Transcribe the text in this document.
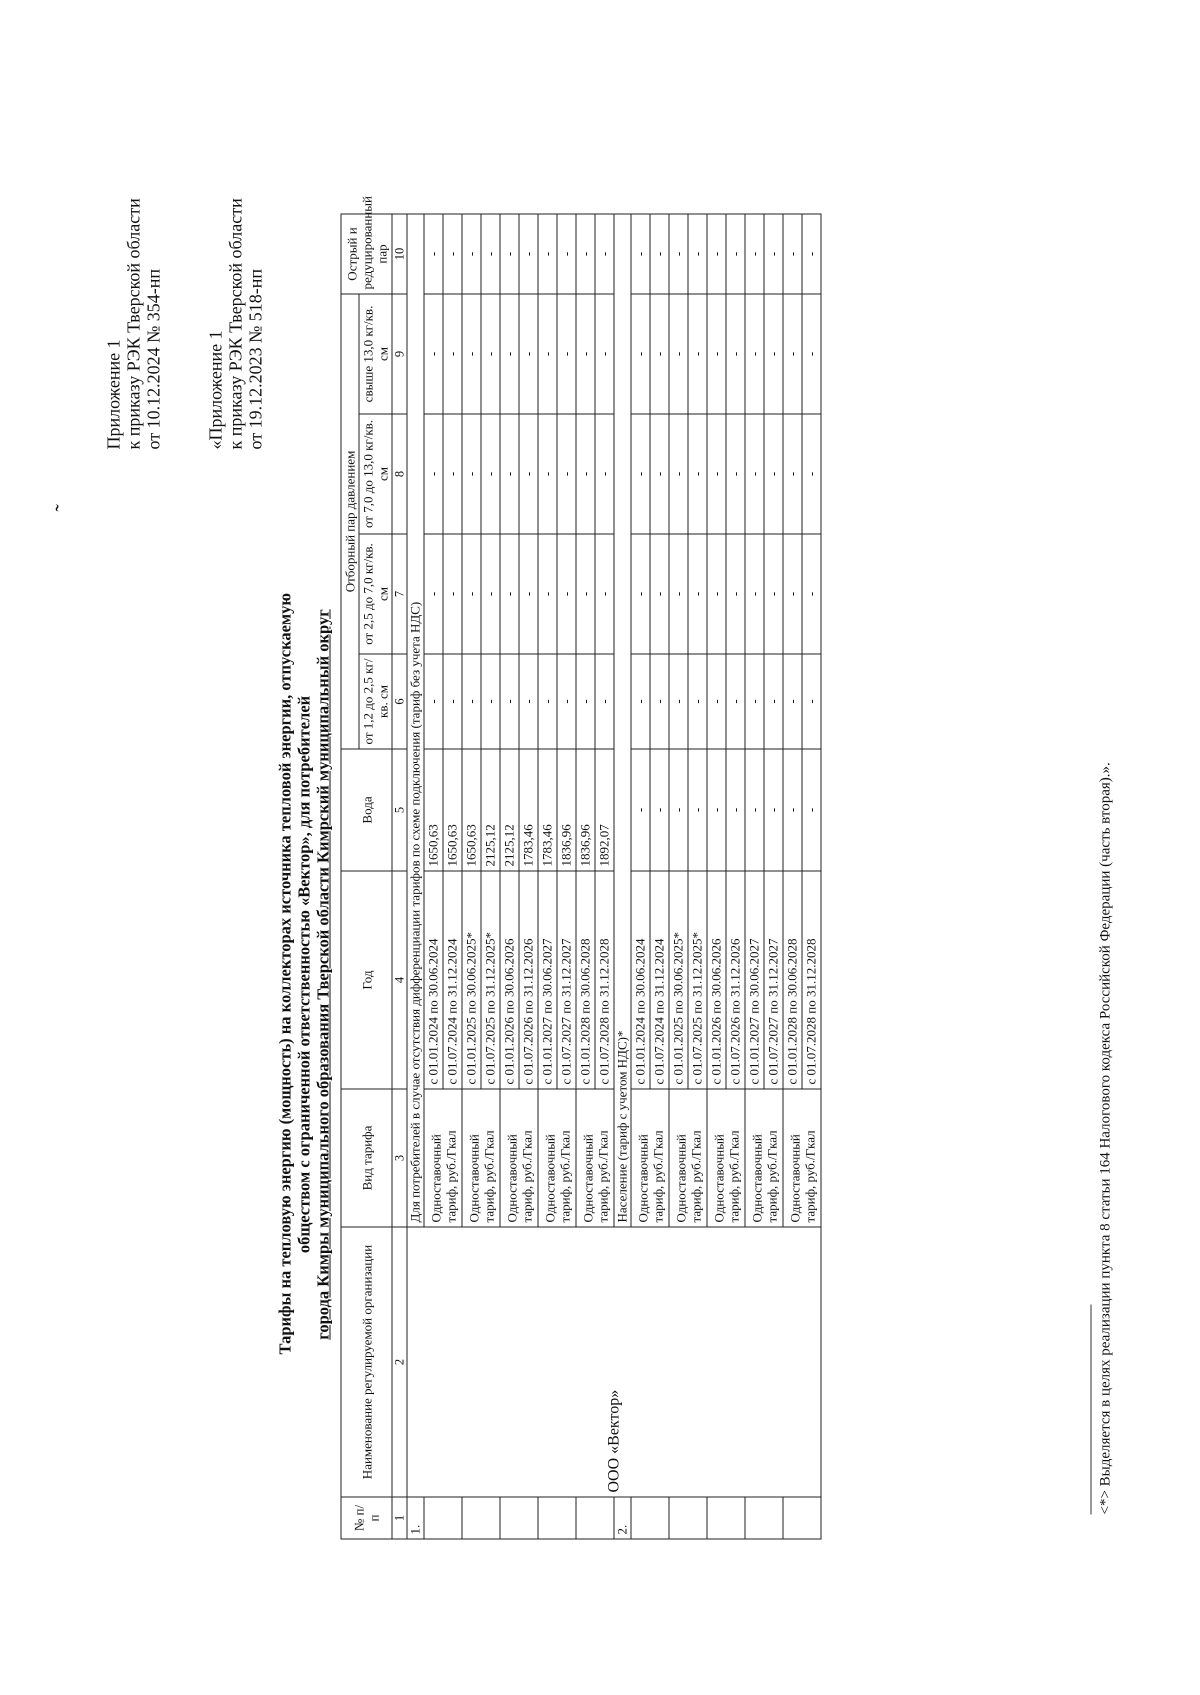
˜
Приложение 1 к приказу РЭК Тверской области от 10.12.2024 № 354-нп «Приложение 1 к приказу РЭК Тверской области от 19.12.2023 № 518-нп
Тарифы на тепловую энергию (мощность) на коллекторах источника тепловой энергии, отпускаемую обществом с ограниченной ответственностью «Вектор», для потребителей города Кимры муниципального образования Тверской области Кимрский муниципальный округ
№ п/п	Наименование регулируемой организации	Вид тарифа	Год	Вода	Отборный пар давлением				Острый и редуцированный пар
					от 1,2 до 2,5 кг/кв. см	от 2,5 до 7,0 кг/кв. см	от 7,0 до 13,0 кг/кв. см	свыше 13,0 кг/кв. см	
1	2	3	4	5	6	7	8	9	10
1.	ООО «Вектор»	Для потребителей в случае отсутствия дифференциации тарифов по схеме подключения (тариф без учета НДС)							

		Одноставочный тариф, руб./Гкал	с 01.01.2024 по 30.06.2024	1650,63	-	-	-	-	-
			с 01.07.2024 по 31.12.2024	1650,63	-	-	-	-	-

		Одноставочный тариф, руб./Гкал	с 01.01.2025 по 30.06.2025*	1650,63	-	-	-	-	-
			с 01.07.2025 по 31.12.2025*	2125,12	-	-	-	-	-

		Одноставочный тариф, руб./Гкал	с 01.01.2026 по 30.06.2026	2125,12	-	-	-	-	-
			с 01.07.2026 по 31.12.2026	1783,46	-	-	-	-	-

		Одноставочный тариф, руб./Гкал	с 01.01.2027 по 30.06.2027	1783,46	-	-	-	-	-
			с 01.07.2027 по 31.12.2027	1836,96	-	-	-	-	-

		Одноставочный тариф, руб./Гкал	с 01.01.2028 по 30.06.2028	1836,96	-	-	-	-	-
			с 01.07.2028 по 31.12.2028	1892,07	-	-	-	-	-
2.		Население (тариф с учетом НДС)*							

		Одноставочный тариф, руб./Гкал	с 01.01.2024 по 30.06.2024	-	-	-	-	-	-
			с 01.07.2024 по 31.12.2024	-	-	-	-	-	-

		Одноставочный тариф, руб./Гкал	с 01.01.2025 по 30.06.2025*	-	-	-	-	-	-
			с 01.07.2025 по 31.12.2025*	-	-	-	-	-	-

		Одноставочный тариф, руб./Гкал	с 01.01.2026 по 30.06.2026	-	-	-	-	-	-
			с 01.07.2026 по 31.12.2026	-	-	-	-	-	-

		Одноставочный тариф, руб./Гкал	с 01.01.2027 по 30.06.2027	-	-	-	-	-	-
			с 01.07.2027 по 31.12.2027	-	-	-	-	-	-

		Одноставочный тариф, руб./Гкал	с 01.01.2028 по 30.06.2028	-	-	-	-	-	-
			с 01.07.2028 по 31.12.2028	-	-	-	-	-	-
<*> Выделяется в целях реализации пункта 8 статьи 164 Налогового кодекса Российской Федерации (часть вторая).».
